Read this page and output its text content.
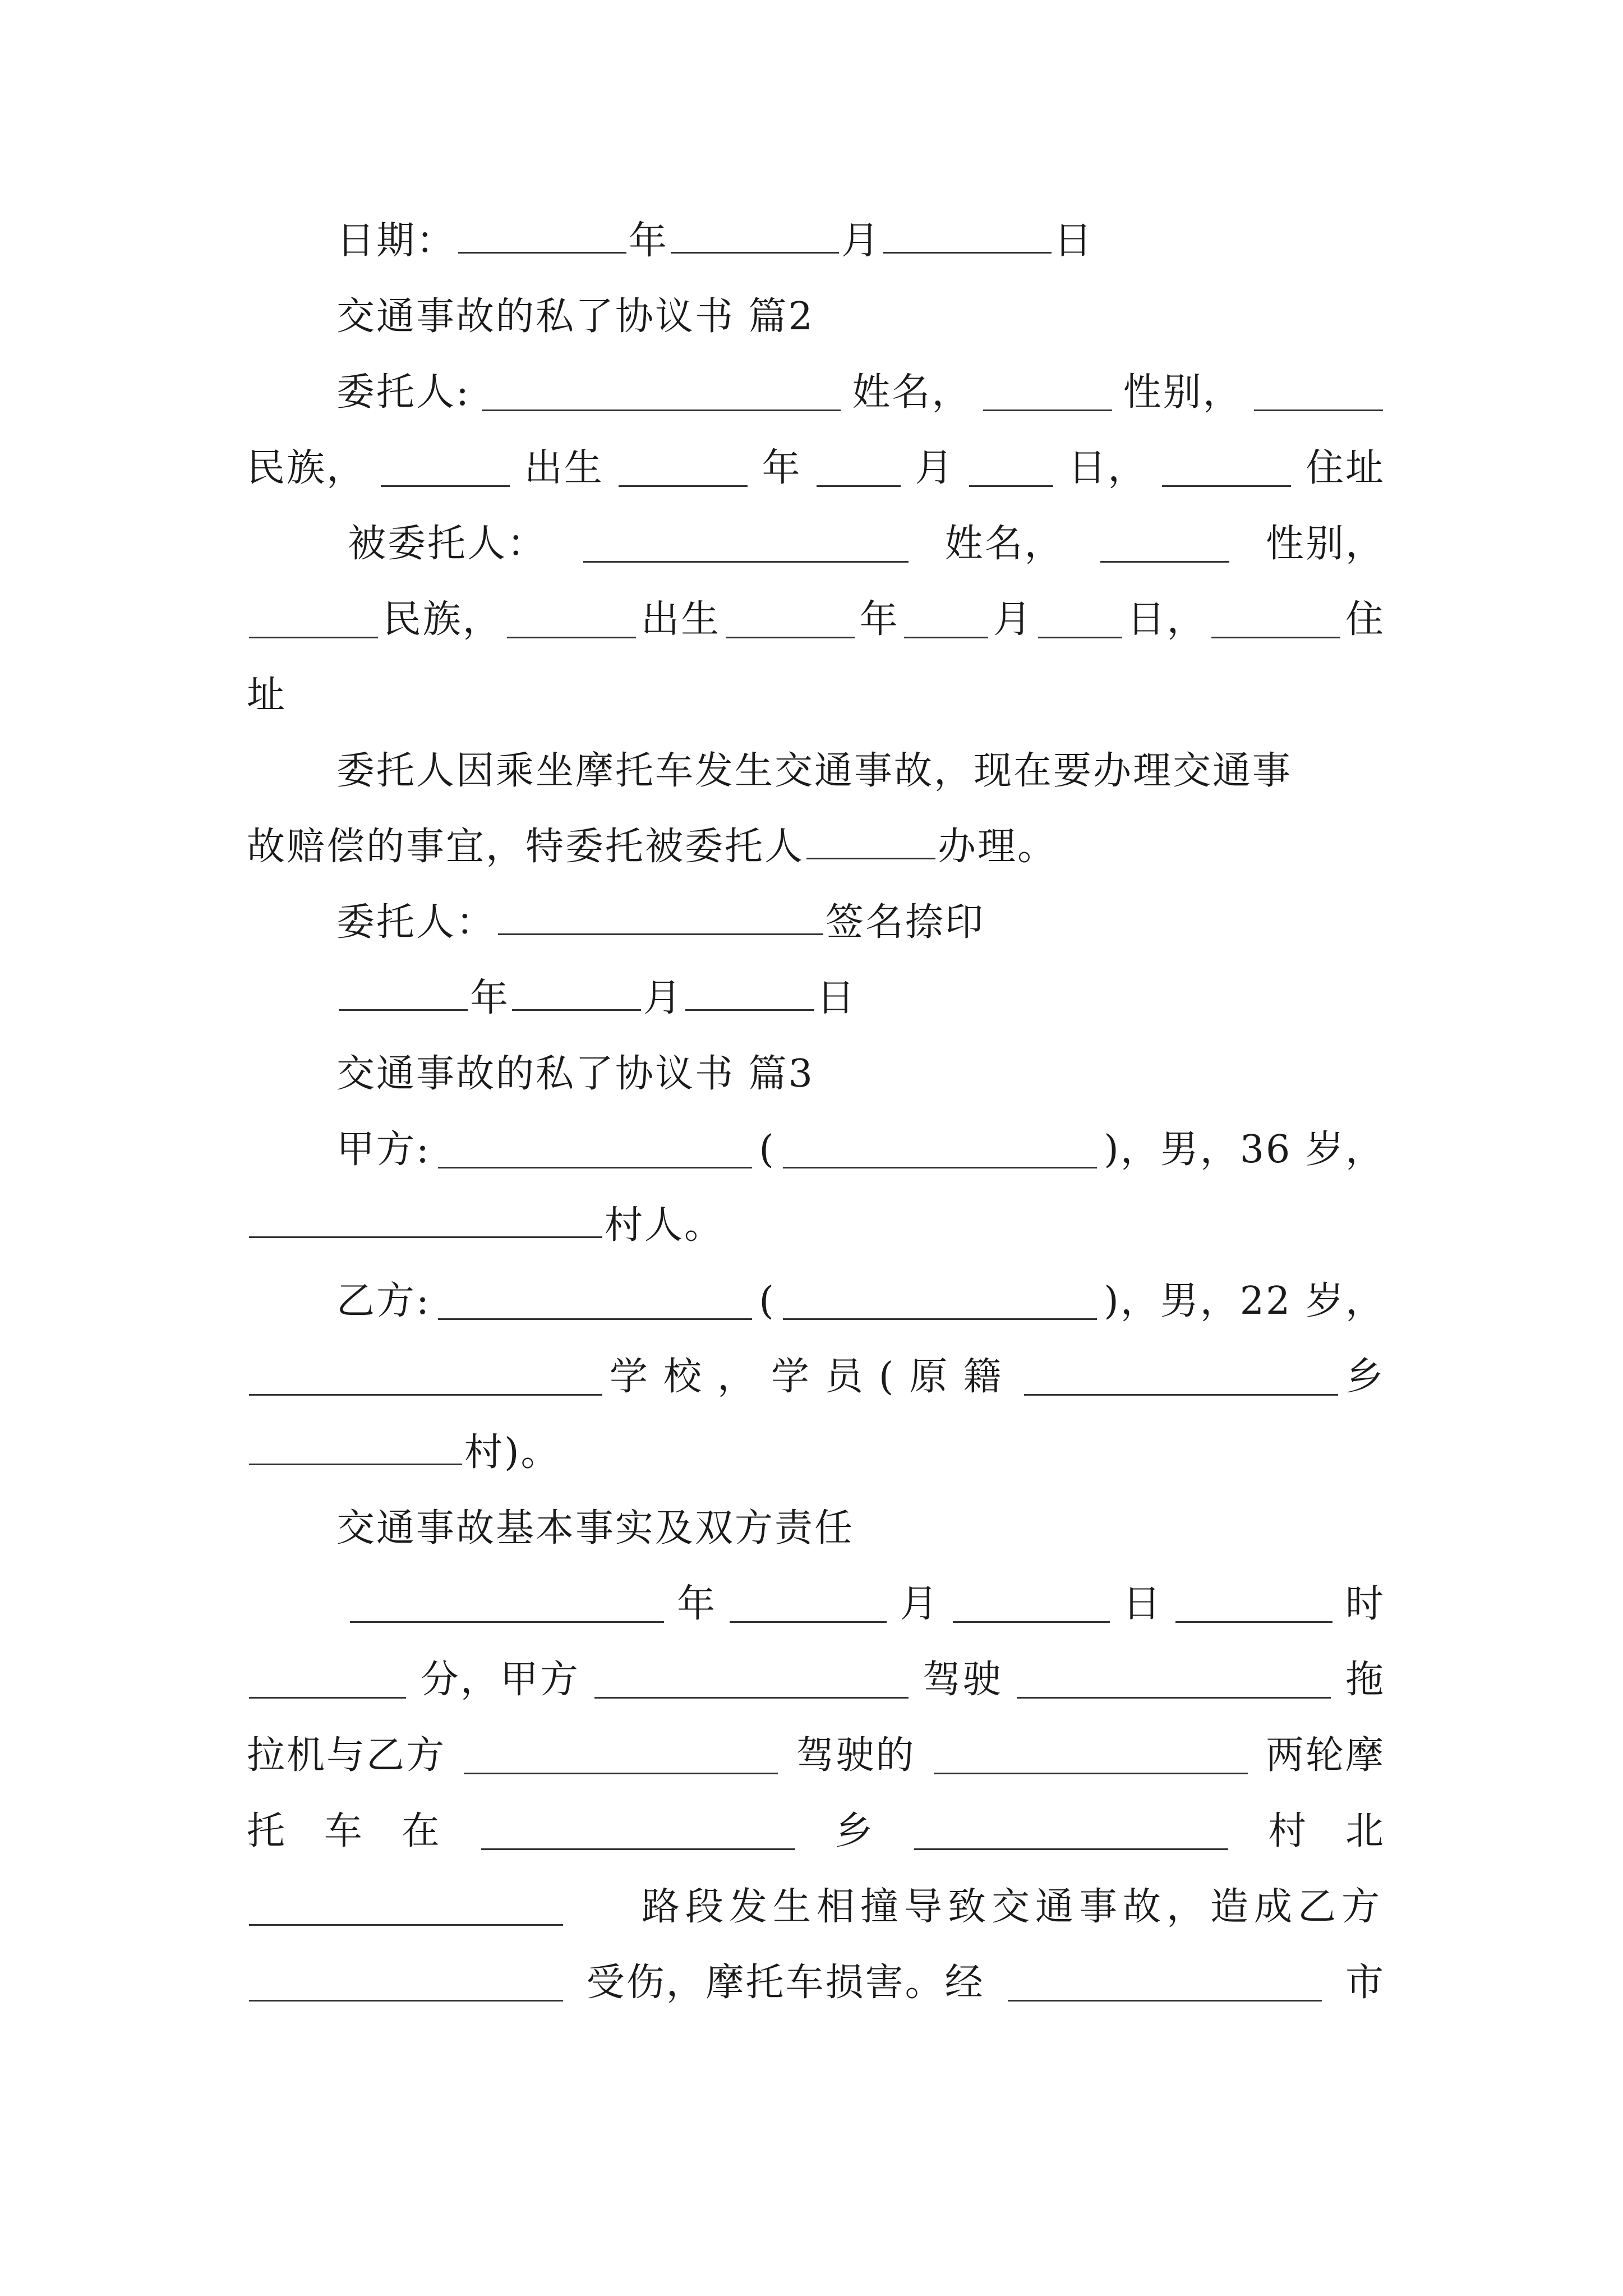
日期：	年	月	日
交通事故的私了协议书 篇2
委托人:	姓名，	性别，
民族，	出生	年	月	日，	住址
被委托人：	姓名，	性别，
民族，	出生	年 月 日，	住
址
委托人因乘坐摩托车发生交通事故，现在要办理交通事
故赔偿的事宜，特委托被委托人	办理。
委托人：	签名捺印
年	月	日
交通事故的私了协议书 篇3
甲方:	(	)，男，36 岁，
村人。
乙方:	(	)，男，22 岁，
学校，学员(原籍	乡
村)。
交通事故基本事实及双方责任
年	月	日	时
分，甲方	驾驶	拖
拉机与乙方	驾驶的	两轮摩
托 车 在	乡	村 北
路段发生相撞导致交通事故，造成乙方
受伤，摩托车损害。经	市
